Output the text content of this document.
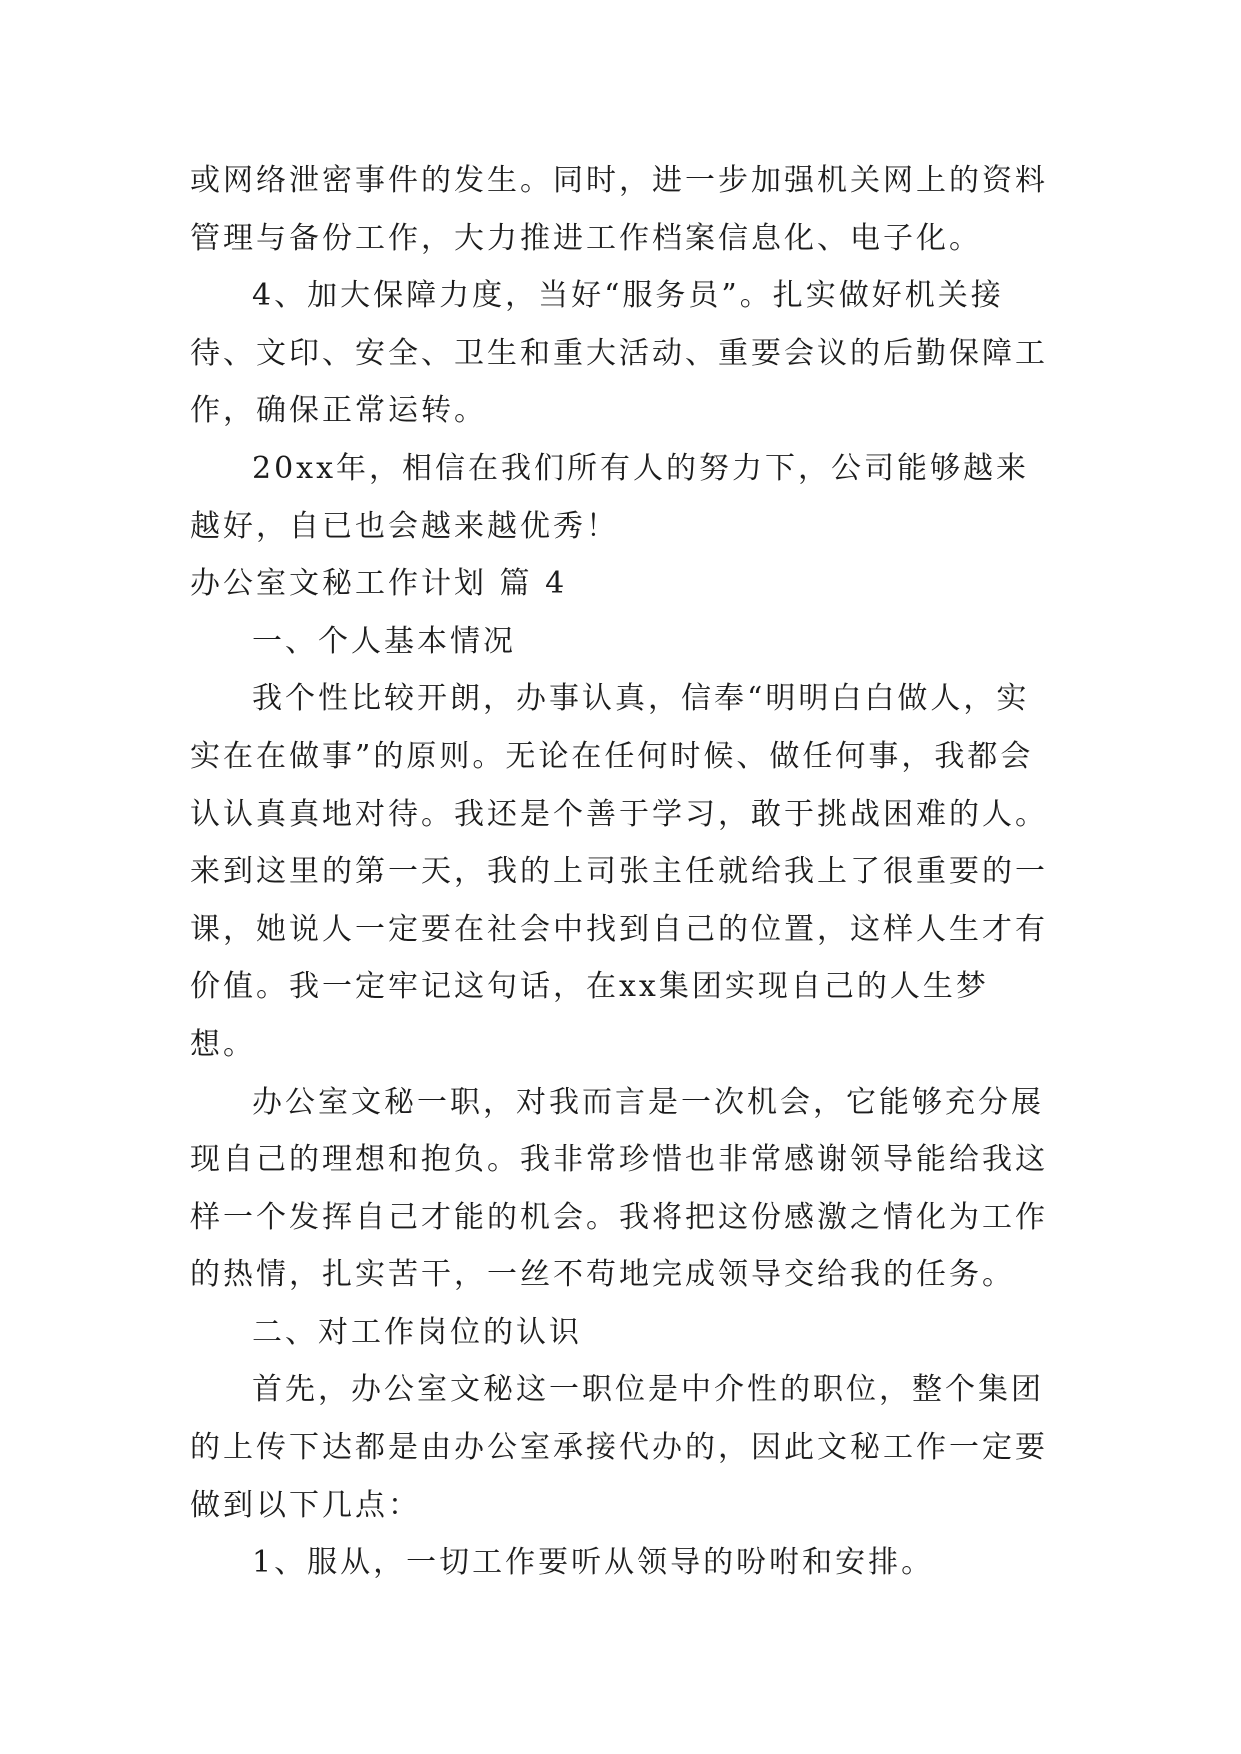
或网络泄密事件的发生。同时，进一步加强机关网上的资料管理与备份工作，大力推进工作档案信息化、电子化。

4、加大保障力度，当好“服务员”。扎实做好机关接待、文印、安全、卫生和重大活动、重要会议的后勤保障工作，确保正常运转。

20xx年，相信在我们所有人的努力下，公司能够越来越好，自已也会越来越优秀！

办公室文秘工作计划 篇 4

一、个人基本情况

我个性比较开朗，办事认真，信奉“明明白白做人，实实在在做事”的原则。无论在任何时候、做任何事，我都会认认真真地对待。我还是个善于学习，敢于挑战困难的人。来到这里的第一天，我的上司张主任就给我上了很重要的一课，她说人一定要在社会中找到自己的位置，这样人生才有价值。我一定牢记这句话，在xx集团实现自己的人生梦想。

办公室文秘一职，对我而言是一次机会，它能够充分展现自己的理想和抱负。我非常珍惜也非常感谢领导能给我这样一个发挥自己才能的机会。我将把这份感激之情化为工作的热情，扎实苦干，一丝不苟地完成领导交给我的任务。

二、对工作岗位的认识

首先，办公室文秘这一职位是中介性的职位，整个集团的上传下达都是由办公室承接代办的，因此文秘工作一定要做到以下几点：

1、服从，一切工作要听从领导的吩咐和安排。
